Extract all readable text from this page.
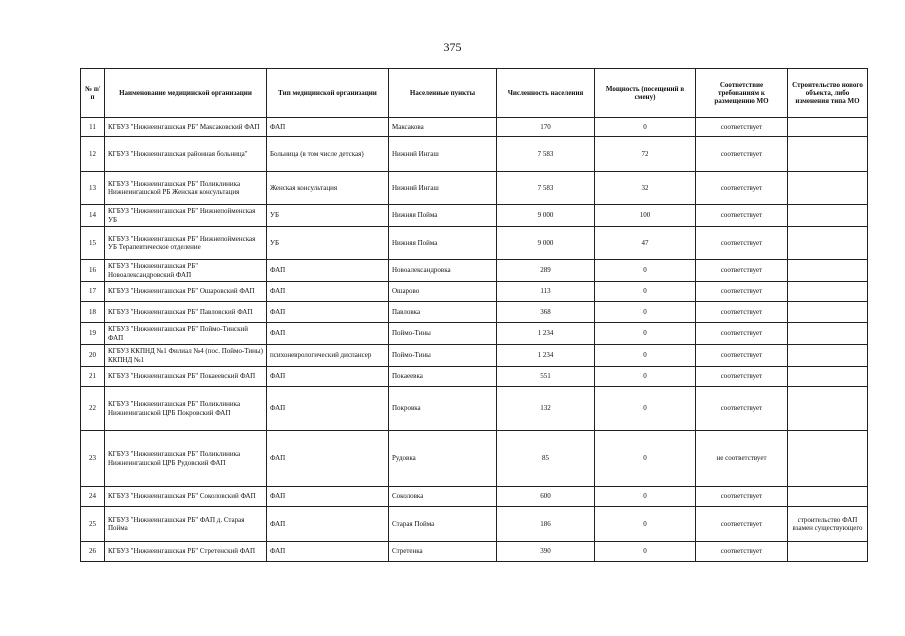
375
№ п/п	Наименование медицинской организации	Тип медицинской организации	Населенные пункты	Численность населения	Мощность (посещений в смену)	Соответствие требованиям к размещению МО	Строительство нового объекта, либо изменения типа МО
11	КГБУЗ "Нижнеингашская РБ" Максаковский ФАП	ФАП	Максакова	170	0	соответствует	
12	КГБУЗ "Нижнеингашская районная больница"	Больница (в том числе детская)	Нижний Ингаш	7 583	72	соответствует	
13	КГБУЗ "Нижнеингашская РБ" Поликлиника Нижнеингашской РБ Женская консультация	Женская консультация	Нижний Ингаш	7 583	32	соответствует	
14	КГБУЗ "Нижнеингашская РБ" Нижнепойменская УБ	УБ	Нижняя Пойма	9 000	100	соответствует	
15	КГБУЗ "Нижнеингашская РБ" Нижнепойменская УБ Терапевтическое отделение	УБ	Нижняя Пойма	9 000	47	соответствует	
16	КГБУЗ "Нижнеингашская РБ" Новоалександровский ФАП	ФАП	Новоалександровка	289	0	соответствует	
17	КГБУЗ "Нижнеингашская РБ" Ошаровский ФАП	ФАП	Ошарово	113	0	соответствует	
18	КГБУЗ "Нижнеингашская РБ" Павловский ФАП	ФАП	Павловка	368	0	соответствует	
19	КГБУЗ "Нижнеингашская РБ" Поймо-Тинский ФАП	ФАП	Поймо-Тины	1 234	0	соответствует	
20	КГБУЗ ККПНД №1 Филиал №4 (пос. Поймо-Тины) ККПНД №1	психоневрологический диспансер	Поймо-Тины	1 234	0	соответствует	
21	КГБУЗ "Нижнеингашская РБ" Покаеевский ФАП	ФАП	Покаеевка	551	0	соответствует	
22	КГБУЗ "Нижнеингашская РБ" Поликлиника Нижнеингашской ЦРБ Покровский ФАП	ФАП	Покровка	132	0	соответствует	
23	КГБУЗ "Нижнеингашская РБ" Поликлиника Нижнеингашской ЦРБ Рудовский ФАП	ФАП	Рудовка	85	0	не соответствует	
24	КГБУЗ "Нижнеингашская РБ" Соколовский ФАП	ФАП	Соколовка	600	0	соответствует	
25	КГБУЗ "Нижнеингашская РБ" ФАП д. Старая Пойма	ФАП	Старая Пойма	186	0	соответствует	строительство ФАП взамен существующего
26	КГБУЗ "Нижнеингашская РБ" Стретенский ФАП	ФАП	Стретенка	390	0	соответствует	
